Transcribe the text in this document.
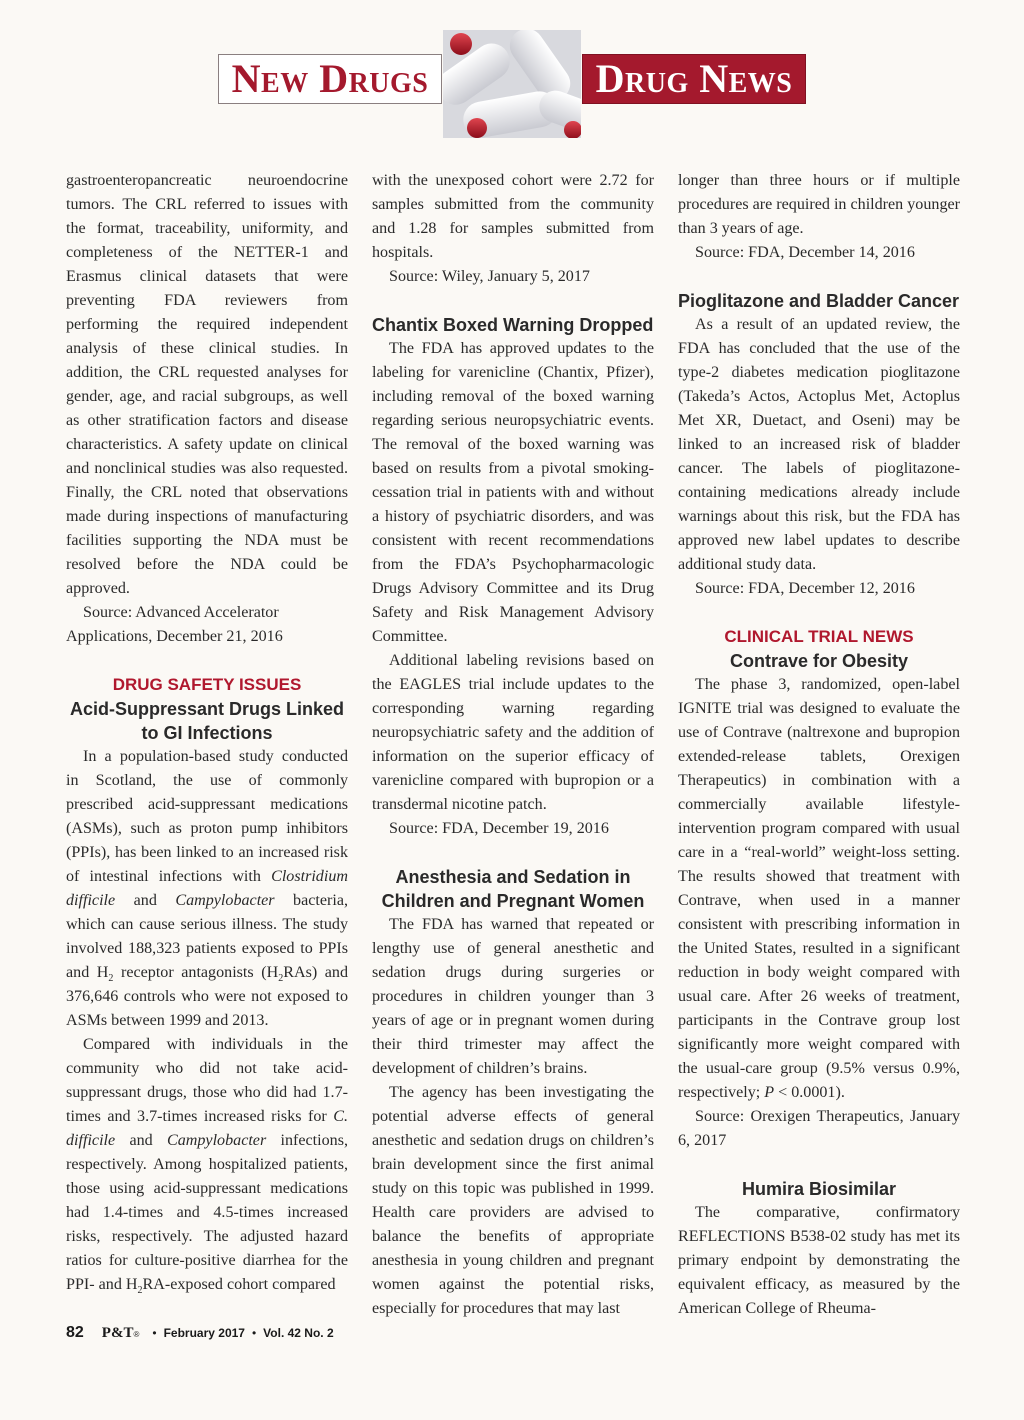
New Drugs	Drug News

gastroenteropancreatic neuroendocrine tumors. The CRL referred to issues with the format, traceability, uniformity, and completeness of the NETTER-1 and Erasmus clinical datasets that were preventing FDA reviewers from performing the required independent analysis of these clinical studies. In addition, the CRL requested analyses for gender, age, and racial subgroups, as well as other stratification factors and disease characteristics. A safety update on clinical and nonclinical studies was also requested. Finally, the CRL noted that observations made during inspections of manufacturing facilities supporting the NDA must be resolved before the NDA could be approved.

Source: Advanced Accelerator Applications, December 21, 2016

DRUG SAFETY ISSUES
Acid-Suppressant Drugs Linked to GI Infections

In a population-based study conducted in Scotland, the use of commonly prescribed acid-suppressant medications (ASMs), such as proton pump inhibitors (PPIs), has been linked to an increased risk of intestinal infections with Clostridium difficile and Campylobacter bacteria, which can cause serious illness. The study involved 188,323 patients exposed to PPIs and $H_2$ receptor antagonists $(H_2RAs)$ and 376,646 controls who were not exposed to ASMs between 1999 and 2013.

Compared with individuals in the community who did not take acid-suppressant drugs, those who did had 1.7-times and 3.7-times increased risks for C. difficile and Campylobacter infections, respectively. Among hospitalized patients, those using acid-suppressant medications had 1.4-times and 4.5-times increased risks, respectively. The adjusted hazard ratios for culture-positive diarrhea for the PPI- and $H_2RA$-exposed cohort compared

with the unexposed cohort were 2.72 for samples submitted from the community and 1.28 for samples submitted from hospitals.

Source: Wiley, January 5, 2017

Chantix Boxed Warning Dropped

The FDA has approved updates to the labeling for varenicline (Chantix, Pfizer), including removal of the boxed warning regarding serious neuropsychiatric events. The removal of the boxed warning was based on results from a pivotal smoking-cessation trial in patients with and without a history of psychiatric disorders, and was consistent with recent recommendations from the FDA’s Psychopharmacologic Drugs Advisory Committee and its Drug Safety and Risk Management Advisory Committee.

Additional labeling revisions based on the EAGLES trial include updates to the corresponding warning regarding neuropsychiatric safety and the addition of information on the superior efficacy of varenicline compared with bupropion or a transdermal nicotine patch.

Source: FDA, December 19, 2016

Anesthesia and Sedation in Children and Pregnant Women

The FDA has warned that repeated or lengthy use of general anesthetic and sedation drugs during surgeries or procedures in children younger than 3 years of age or in pregnant women during their third trimester may affect the development of children’s brains.

The agency has been investigating the potential adverse effects of general anesthetic and sedation drugs on children’s brain development since the first animal study on this topic was published in 1999. Health care providers are advised to balance the benefits of appropriate anesthesia in young children and pregnant women against the potential risks, especially for procedures that may last

longer than three hours or if multiple procedures are required in children younger than 3 years of age.

Source: FDA, December 14, 2016

Pioglitazone and Bladder Cancer

As a result of an updated review, the FDA has concluded that the use of the type-2 diabetes medication pioglitazone (Takeda’s Actos, Actoplus Met, Actoplus Met XR, Duetact, and Oseni) may be linked to an increased risk of bladder cancer. The labels of pioglitazone-containing medications already include warnings about this risk, but the FDA has approved new label updates to describe additional study data.

Source: FDA, December 12, 2016

CLINICAL TRIAL NEWS
Contrave for Obesity

The phase 3, randomized, open-label IGNITE trial was designed to evaluate the use of Contrave (naltrexone and bupropion extended-release tablets, Orexigen Therapeutics) in combination with a commercially available lifestyle-intervention program compared with usual care in a “real-world” weight-loss setting. The results showed that treatment with Contrave, when used in a manner consistent with prescribing information in the United States, resulted in a significant reduction in body weight compared with usual care. After 26 weeks of treatment, participants in the Contrave group lost significantly more weight compared with the usual-care group (9.5% versus 0.9%, respectively; P < 0.0001).

Source: Orexigen Therapeutics, January 6, 2017

Humira Biosimilar

The comparative, confirmatory REFLECTIONS B538-02 study has met its primary endpoint by demonstrating the equivalent efficacy, as measured by the American College of Rheuma-

82 P&T ® • February 2017 • Vol. 42 No. 2
